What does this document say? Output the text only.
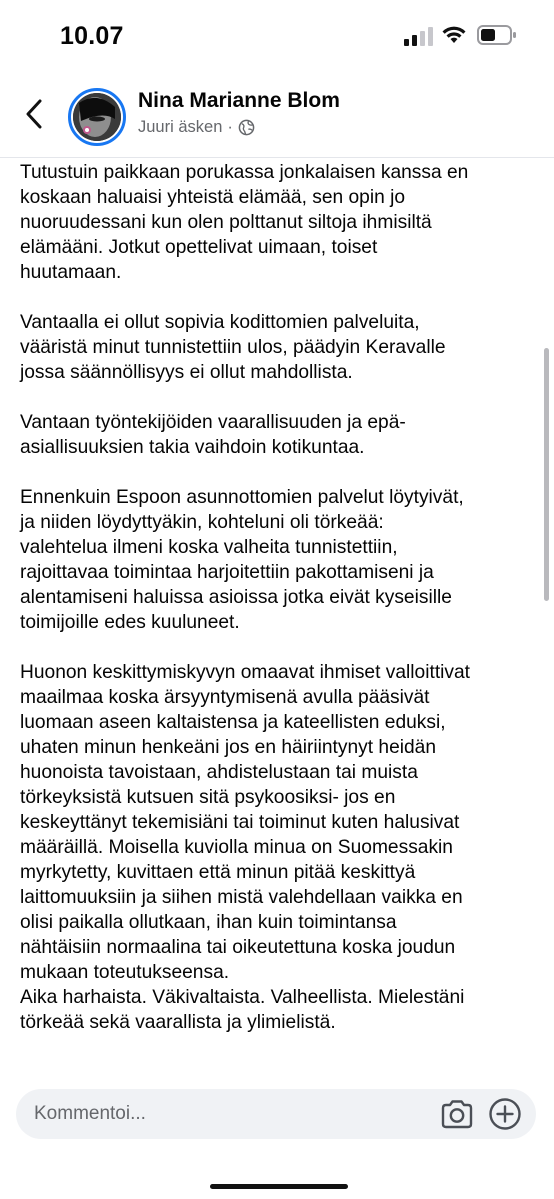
10.07
Nina Marianne Blom
Juuri äsken ·
Tutustuin paikkaan porukassa jonkalaisen kanssa en
koskaan haluaisi yhteistä elämää, sen opin jo
nuoruudessani kun olen polttanut siltoja ihmisiltä
elämääni. Jotkut opettelivat uimaan, toiset
huutamaan.
Vantaalla ei ollut sopivia kodittomien palveluita,
vääristä minut tunnistettiin ulos, päädyin Keravalle
jossa säännöllisyys ei ollut mahdollista.
Vantaan työntekijöiden vaarallisuuden ja epä-
asiallisuuksien takia vaihdoin kotikuntaa.
Ennenkuin Espoon asunnottomien palvelut löytyivät,
ja niiden löydyttyäkin, kohteluni oli törkeää:
valehtelua ilmeni koska valheita tunnistettiin,
rajoittavaa toimintaa harjoitettiin pakottamiseni ja
alentamiseni haluissa asioissa jotka eivät kyseisille
toimijoille edes kuuluneet.
Huonon keskittymiskyvyn omaavat ihmiset valloittivat
maailmaa koska ärsyyntymisenä avulla pääsivät
luomaan aseen kaltaistensa ja kateellisten eduksi,
uhaten minun henkeäni jos en häiriintynyt heidän
huonoista tavoistaan, ahdistelustaan tai muista
törkeyksistä kutsuen sitä psykoosiksi- jos en
keskeyttänyt tekemisiäni tai toiminut kuten halusivat
määräillä. Moisella kuviolla minua on Suomessakin
myrkytetty, kuvittaen että minun pitää keskittyä
laittomuuksiin ja siihen mistä valehdellaan vaikka en
olisi paikalla ollutkaan, ihan kuin toimintansa
nähtäisiin normaalina tai oikeutettuna koska joudun
mukaan toteutukseensa.
Aika harhaista. Väkivaltaista. Valheellista. Mielestäni
törkeää sekä vaarallista ja ylimielistä.
Kommentoi...
